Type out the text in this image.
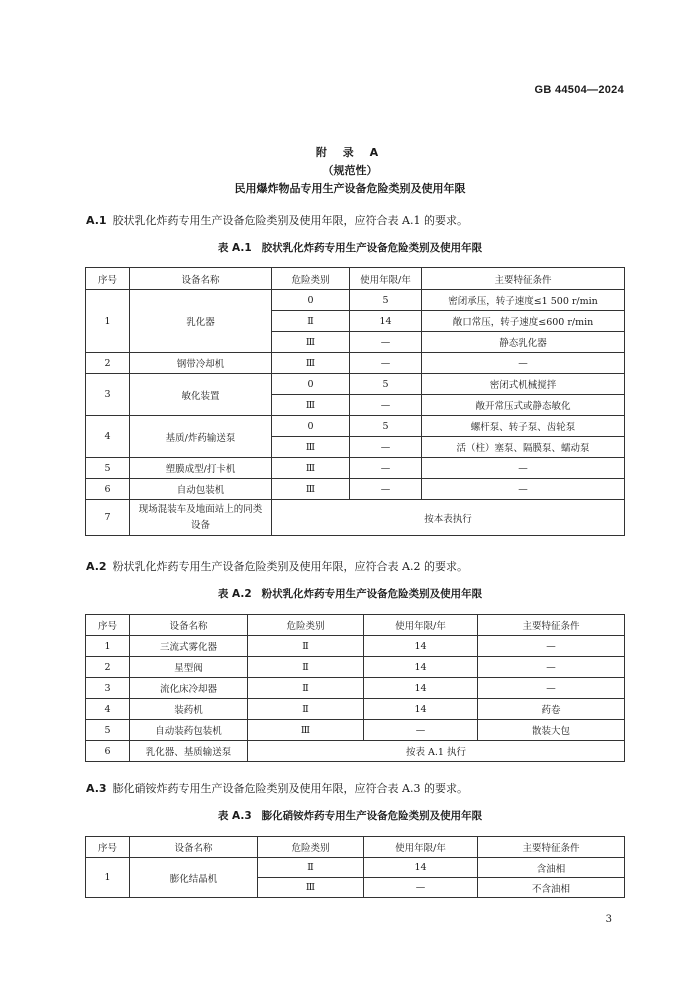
GB 44504—2024
附 录 A
（规范性）
民用爆炸物品专用生产设备危险类别及使用年限
A.1 胶状乳化炸药专用生产设备危险类别及使用年限，应符合表 A.1 的要求。
表 A.1 胶状乳化炸药专用生产设备危险类别及使用年限
序号	设备名称	危险类别	使用年限/年	主要特征条件
1	乳化器	0	5	密闭承压，转子速度≤1 500 r/min
		Ⅱ	14	敞口常压，转子速度≤600 r/min
		Ⅲ	—	静态乳化器
2	钢带冷却机	Ⅲ	—	—
3	敏化装置	0	5	密闭式机械搅拌
		Ⅲ	—	敞开常压式或静态敏化
4	基质/炸药输送泵	0	5	螺杆泵、转子泵、齿轮泵
		Ⅲ	—	活（柱）塞泵、隔膜泵、蠕动泵
5	塑膜成型/打卡机	Ⅲ	—	—
6	自动包装机	Ⅲ	—	—
7	现场混装车及地面站上的同类设备	按本表执行		
A.2 粉状乳化炸药专用生产设备危险类别及使用年限，应符合表 A.2 的要求。
表 A.2 粉状乳化炸药专用生产设备危险类别及使用年限
序号	设备名称	危险类别	使用年限/年	主要特征条件
1	三流式雾化器	Ⅱ	14	—
2	星型阀	Ⅱ	14	—
3	流化床冷却器	Ⅱ	14	—
4	装药机	Ⅱ	14	药卷
5	自动装药包装机	Ⅲ	—	散装大包
6	乳化器、基质输送泵	按表 A.1 执行		
A.3 膨化硝铵炸药专用生产设备危险类别及使用年限，应符合表 A.3 的要求。
表 A.3 膨化硝铵炸药专用生产设备危险类别及使用年限
序号	设备名称	危险类别	使用年限/年	主要特征条件
1	膨化结晶机	Ⅱ	14	含油相
		Ⅲ	—	不含油相
3
